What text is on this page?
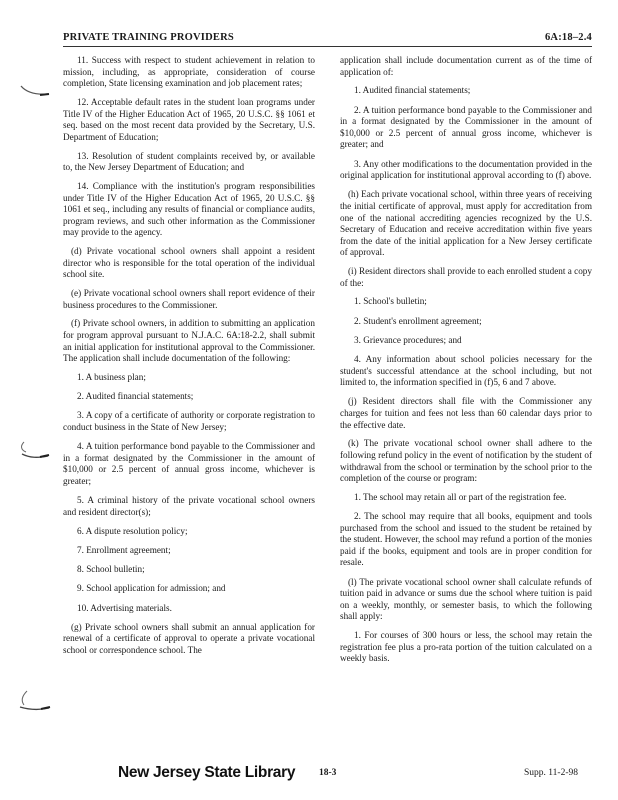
PRIVATE TRAINING PROVIDERS	6A:18–2.4

11. Success with respect to student achievement in relation to mission, including, as appropriate, consideration of course completion, State licensing examination and job placement rates;

12. Acceptable default rates in the student loan programs under Title IV of the Higher Education Act of 1965, 20 U.S.C. §§ 1061 et seq. based on the most recent data provided by the Secretary, U.S. Department of Education;

13. Resolution of student complaints received by, or available to, the New Jersey Department of Education; and

14. Compliance with the institution's program responsibilities under Title IV of the Higher Education Act of 1965, 20 U.S.C. §§ 1061 et seq., including any results of financial or compliance audits, program reviews, and such other information as the Commissioner may provide to the agency.

(d) Private vocational school owners shall appoint a resident director who is responsible for the total operation of the individual school site.

(e) Private vocational school owners shall report evidence of their business procedures to the Commissioner.

(f) Private school owners, in addition to submitting an application for program approval pursuant to N.J.A.C. 6A:18-2.2, shall submit an initial application for institutional approval to the Commissioner. The application shall include documentation of the following:

1. A business plan;

2. Audited financial statements;

3. A copy of a certificate of authority or corporate registration to conduct business in the State of New Jersey;

4. A tuition performance bond payable to the Commissioner and in a format designated by the Commissioner in the amount of $10,000 or 2.5 percent of annual gross income, whichever is greater;

5. A criminal history of the private vocational school owners and resident director(s);

6. A dispute resolution policy;

7. Enrollment agreement;

8. School bulletin;

9. School application for admission; and

10. Advertising materials.

(g) Private school owners shall submit an annual application for renewal of a certificate of approval to operate a private vocational school or correspondence school. The

application shall include documentation current as of the time of application of:

1. Audited financial statements;

2. A tuition performance bond payable to the Commissioner and in a format designated by the Commissioner in the amount of $10,000 or 2.5 percent of annual gross income, whichever is greater; and

3. Any other modifications to the documentation provided in the original application for institutional approval according to (f) above.

(h) Each private vocational school, within three years of receiving the initial certificate of approval, must apply for accreditation from one of the national accrediting agencies recognized by the U.S. Secretary of Education and receive accreditation within five years from the date of the initial application for a New Jersey certificate of approval.

(i) Resident directors shall provide to each enrolled student a copy of the:

1. School's bulletin;

2. Student's enrollment agreement;

3. Grievance procedures; and

4. Any information about school policies necessary for the student's successful attendance at the school including, but not limited to, the information specified in (f)5, 6 and 7 above.

(j) Resident directors shall file with the Commissioner any charges for tuition and fees not less than 60 calendar days prior to the effective date.

(k) The private vocational school owner shall adhere to the following refund policy in the event of notification by the student of withdrawal from the school or termination by the school prior to the completion of the course or program:

1. The school may retain all or part of the registration fee.

2. The school may require that all books, equipment and tools purchased from the school and issued to the student be retained by the student. However, the school may refund a portion of the monies paid if the books, equipment and tools are in proper condition for resale.

(l) The private vocational school owner shall calculate refunds of tuition paid in advance or sums due the school where tuition is paid on a weekly, monthly, or semester basis, to which the following shall apply:

1. For courses of 300 hours or less, the school may retain the registration fee plus a pro-rata portion of the tuition calculated on a weekly basis.

New Jersey State Library	18-3	Supp. 11-2-98
